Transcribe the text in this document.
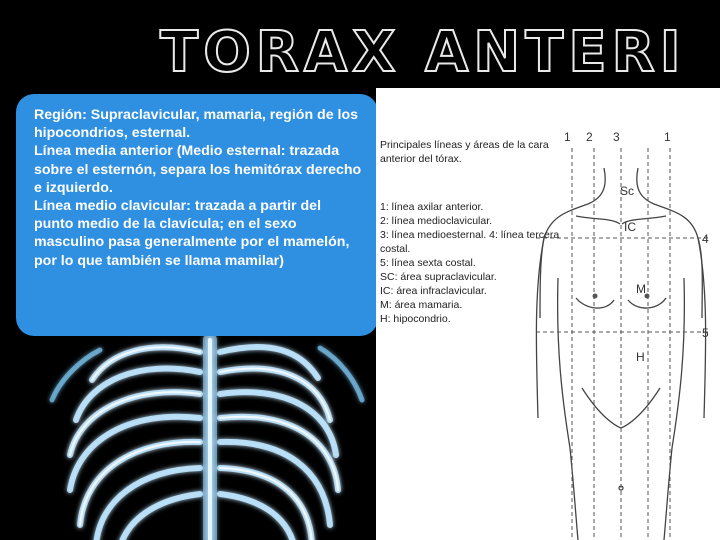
TORAX ANTERI

Región: Supraclavicular, mamaria, región de los hipocondrios, esternal.

Línea media anterior (Medio esternal: trazada sobre el esternón, separa los hemitórax derecho e izquierdo.

Línea medio clavicular: trazada a partir del punto medio de la clavícula; en el sexo masculino pasa generalmente por el mamelón, por lo que también se llama mamilar)

1 2 3	1
4
5
Sc
IC
M
H
Principales líneas y áreas de la cara
anterior del tórax.
1: línea axilar anterior.
2: línea medioclavicular.
3: línea medioesternal. 4: línea tercera
costal.
5: línea sexta costal.
SC: área supraclavicular.
IC: área infraclavicular.
M: área mamaria.
H: hipocondrio.
